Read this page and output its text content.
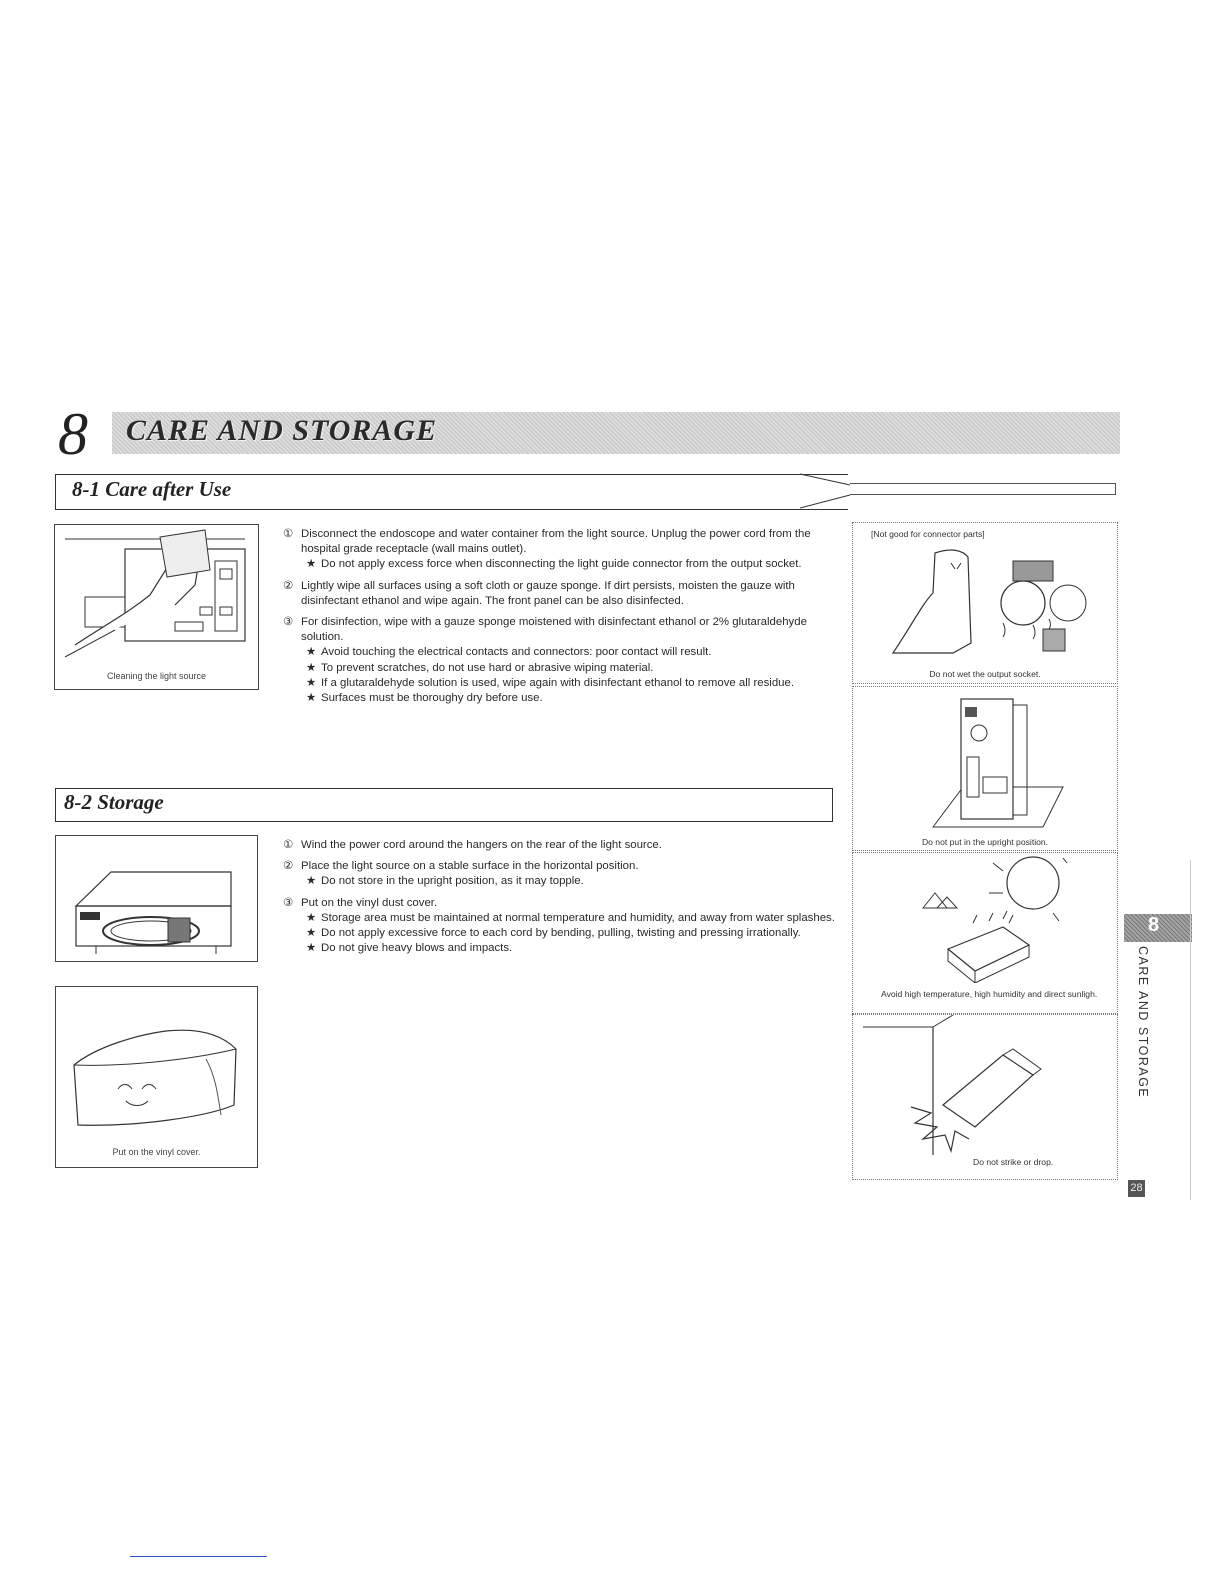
8 CARE AND STORAGE
8-1 Care after Use
Cleaning the light source
① Disconnect the endoscope and water container from the light source. Unplug the power cord from the hospital grade receptacle (wall mains outlet).

★ Do not apply excess force when disconnecting the light guide connector from the output socket.

② Lightly wipe all surfaces using a soft cloth or gauze sponge. If dirt persists, moisten the gauze with disinfectant ethanol and wipe again. The front panel can be also disinfected.

③ For disinfection, wipe with a gauze sponge moistened with disinfectant ethanol or 2% glutaraldehyde solution.

★ Avoid touching the electrical contacts and connectors: poor contact will result.

★ To prevent scratches, do not use hard or abrasive wiping material.

★ If a glutaraldehyde solution is used, wipe again with disinfectant ethanol to remove all residue.

★ Surfaces must be thoroughy dry before use.

8-2 Storage
Put on the vinyl cover.
① Wind the power cord around the hangers on the rear of the light source.

② Place the light source on a stable surface in the horizontal position.

★ Do not store in the upright position, as it may topple.

③ Put on the vinyl dust cover.

★ Storage area must be maintained at normal temperature and humidity, and away from water splashes.

★ Do not apply excessive force to each cord by bending, pulling, twisting and pressing irrationally.

★ Do not give heavy blows and impacts.

[Not good for connector parts]
Do not wet the output socket.
Do not put in the upright position.
Avoid high temperature, high humidity and direct sunligh.
Do not strike or drop.
8
CARE AND STORAGE
28
